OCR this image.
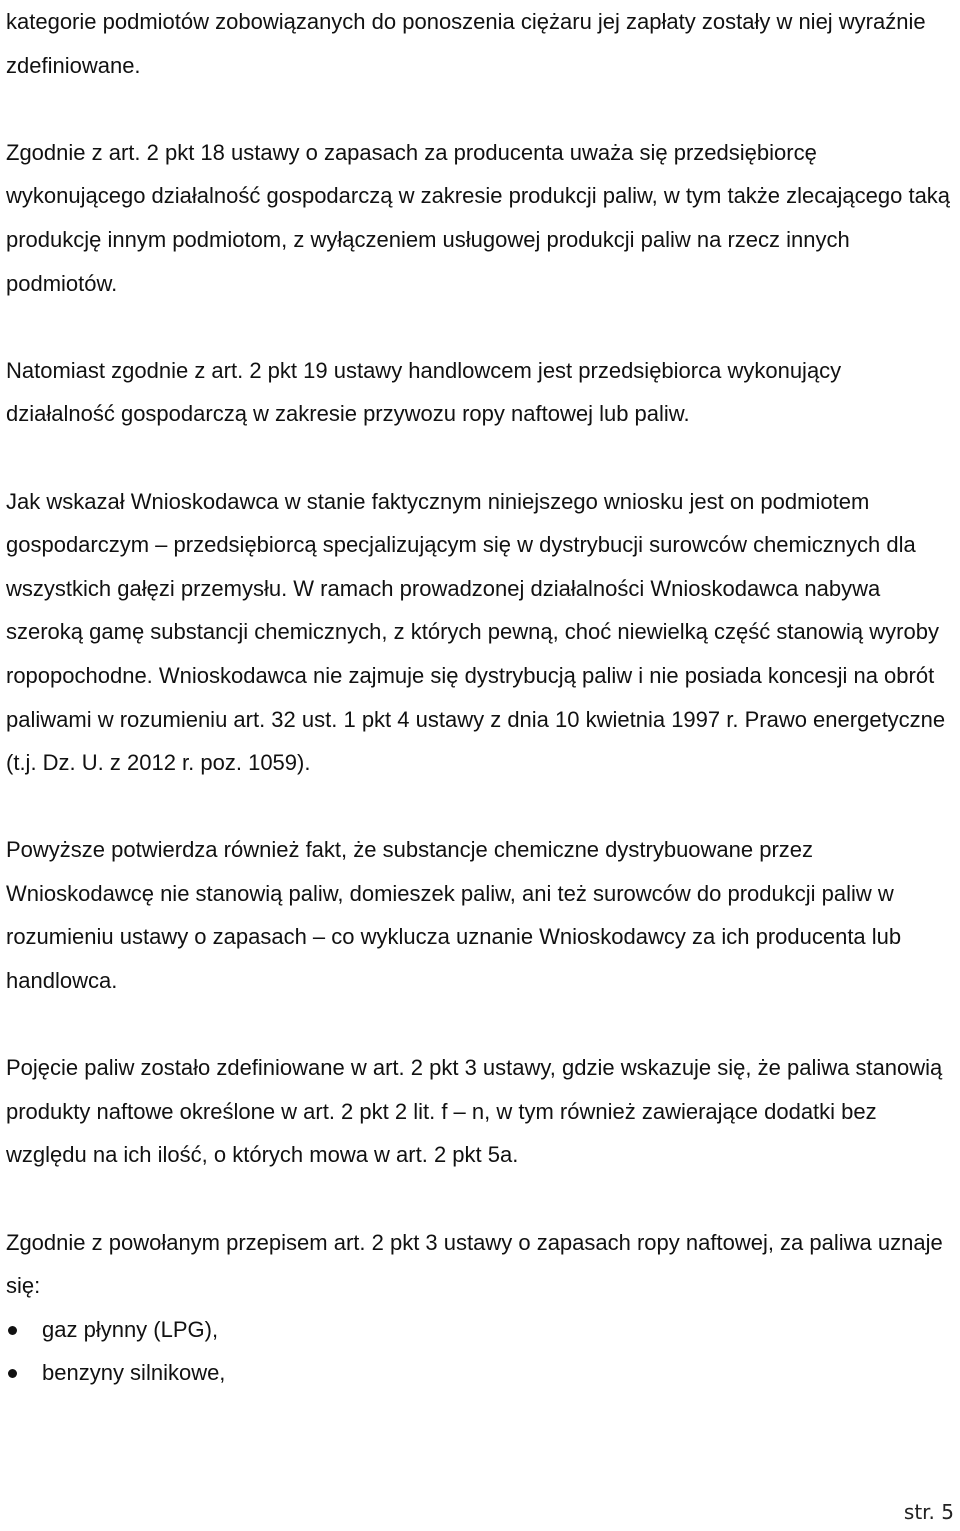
kategorie podmiotów zobowiązanych do ponoszenia ciężaru jej zapłaty zostały w niej wyraźnie zdefiniowane.

Zgodnie z art. 2 pkt 18 ustawy o zapasach za producenta uważa się przedsiębiorcę wykonującego działalność gospodarczą w zakresie produkcji paliw, w tym także zlecającego taką produkcję innym podmiotom, z wyłączeniem usługowej produkcji paliw na rzecz innych podmiotów.

Natomiast zgodnie z art. 2 pkt 19 ustawy handlowcem jest przedsiębiorca wykonujący działalność gospodarczą w zakresie przywozu ropy naftowej lub paliw.

Jak wskazał Wnioskodawca w stanie faktycznym niniejszego wniosku jest on podmiotem gospodarczym – przedsiębiorcą specjalizującym się w dystrybucji surowców chemicznych dla wszystkich gałęzi przemysłu. W ramach prowadzonej działalności Wnioskodawca nabywa szeroką gamę substancji chemicznych, z których pewną, choć niewielką część stanowią wyroby ropopochodne. Wnioskodawca nie zajmuje się dystrybucją paliw i nie posiada koncesji na obrót paliwami w rozumieniu art. 32 ust. 1 pkt 4 ustawy z dnia 10 kwietnia 1997 r. Prawo energetyczne (t.j. Dz. U. z 2012 r. poz. 1059).

Powyższe potwierdza również fakt, że substancje chemiczne dystrybuowane przez Wnioskodawcę nie stanowią paliw, domieszek paliw, ani też surowców do produkcji paliw w rozumieniu ustawy o zapasach – co wyklucza uznanie Wnioskodawcy za ich producenta lub handlowca.

Pojęcie paliw zostało zdefiniowane w art. 2 pkt 3 ustawy, gdzie wskazuje się, że paliwa stanowią produkty naftowe określone w art. 2 pkt 2 lit. f – n, w tym również zawierające dodatki bez względu na ich ilość, o których mowa w art. 2 pkt 5a.

Zgodnie z powołanym przepisem art. 2 pkt 3 ustawy o zapasach ropy naftowej, za paliwa uznaje się:

gaz płynny (LPG),
benzyny silnikowe,
str. 5
